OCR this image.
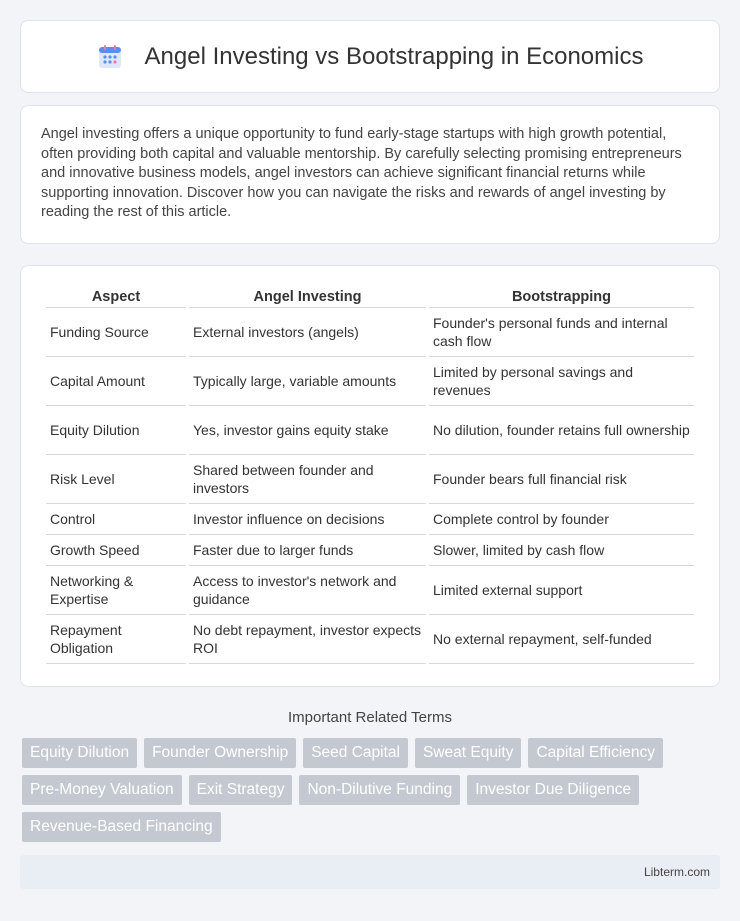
Angel Investing vs Bootstrapping in Economics

Angel investing offers a unique opportunity to fund early-stage startups with high growth potential, often providing both capital and valuable mentorship. By carefully selecting promising entrepreneurs and innovative business models, angel investors can achieve significant financial returns while supporting innovation. Discover how you can navigate the risks and rewards of angel investing by reading the rest of this article.

Aspect	Angel Investing	Bootstrapping
Funding Source	External investors (angels)	Founder's personal funds and internal cash flow
Capital Amount	Typically large, variable amounts	Limited by personal savings and revenues
Equity Dilution	Yes, investor gains equity stake	No dilution, founder retains full ownership
Risk Level	Shared between founder and investors	Founder bears full financial risk
Control	Investor influence on decisions	Complete control by founder
Growth Speed	Faster due to larger funds	Slower, limited by cash flow
Networking & Expertise	Access to investor's network and guidance	Limited external support
Repayment Obligation	No debt repayment, investor expects ROI	No external repayment, self-funded
Important Related Terms
Equity Dilution	Founder Ownership	Seed Capital	Sweat Equity	Capital Efficiency
Pre-Money Valuation	Exit Strategy	Non-Dilutive Funding	Investor Due Diligence
Revenue-Based Financing
Libterm.com
